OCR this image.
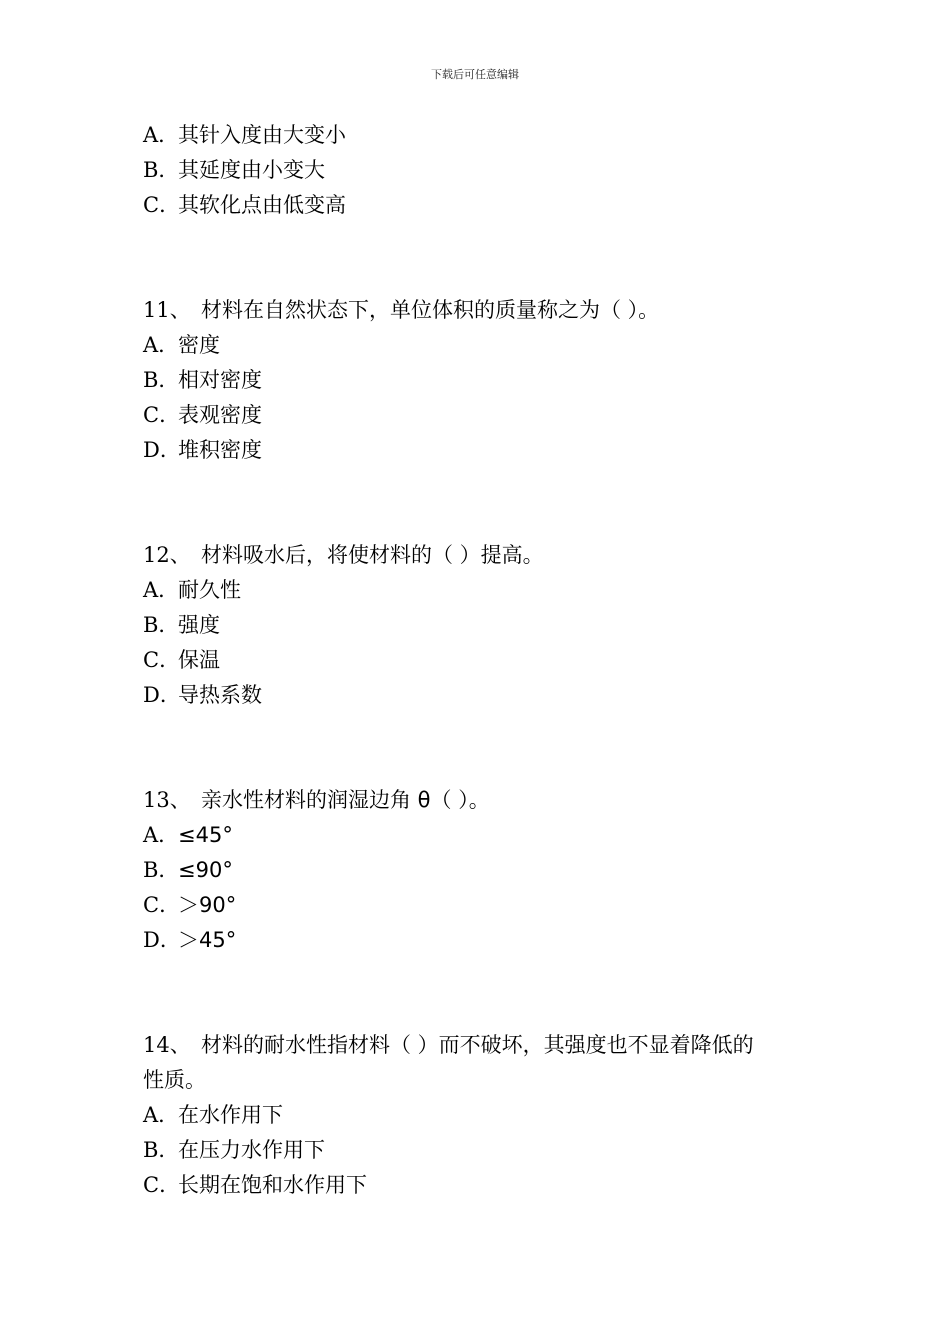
下载后可任意编辑
A．其针入度由大变小
B．其延度由小变大
C．其软化点由低变高
11、 材料在自然状态下，单位体积的质量称之为（ ）。
A．密度
B．相对密度
C．表观密度
D．堆积密度
12、 材料吸水后，将使材料的（ ）提高。
A．耐久性
B．强度
C．保温
D．导热系数
13、 亲水性材料的润湿边角 θ（ ）。
A．≤45°
B．≤90°
C．＞90°
D．＞45°
14、 材料的耐水性指材料（ ）而不破坏，其强度也不显着降低的
性质。
A．在水作用下
B．在压力水作用下
C．长期在饱和水作用下
